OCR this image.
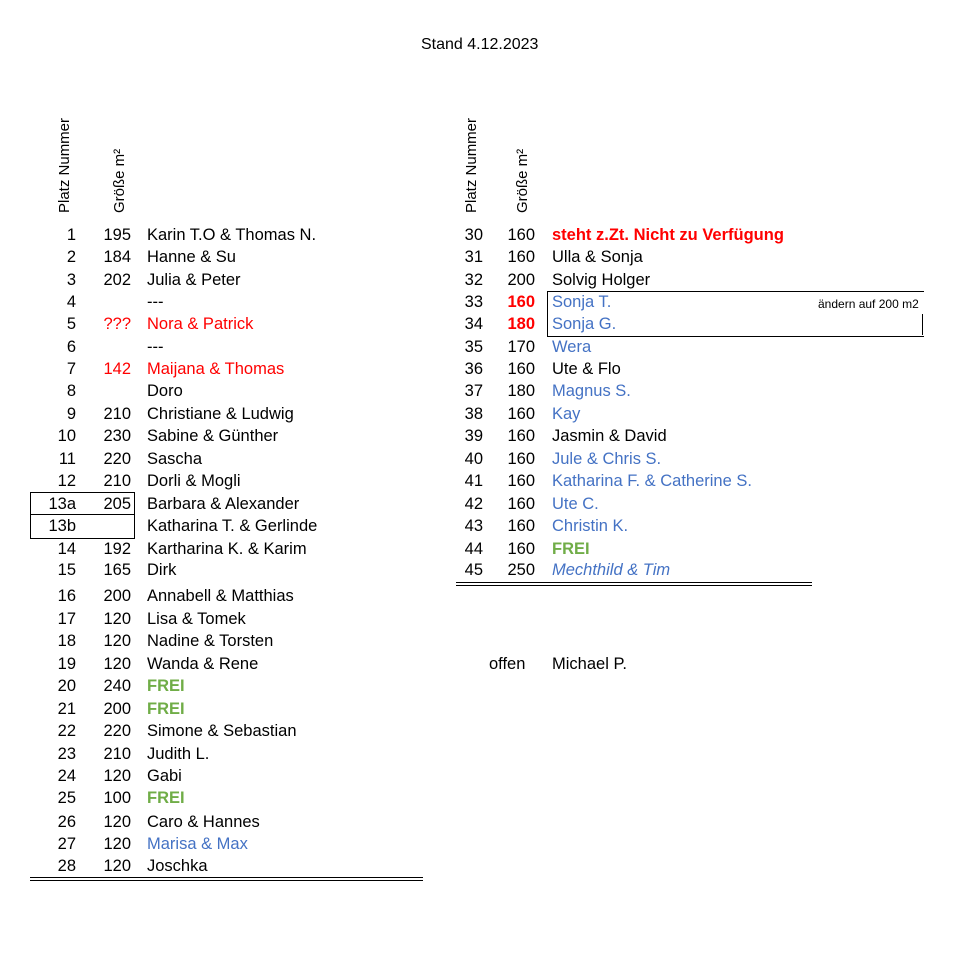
Stand 4.12.2023
Platz Nummer	Größe m²	Platz Nummer Größe m²
1	195 Karin T.O & Thomas N.
2	184 Hanne & Su
3	202 Julia & Peter
4	---
5	??? Nora & Patrick
6	---
7	142 Maijana & Thomas
8	Doro
9	210 Christiane & Ludwig
10	230 Sabine & Günther
11	220 Sascha
12	210 Dorli & Mogli
13a	205 Barbara & Alexander
13b	Katharina T. & Gerlinde
14	192 Kartharina K. & Karim
15	165 Dirk
16	200 Annabell & Matthias
17	120 Lisa & Tomek
18	120 Nadine & Torsten
19	120 Wanda & Rene
20	240 FREI
21	200 FREI
22	220 Simone & Sebastian
23	210 Judith L.
24	120 Gabi
25	100 FREI
26	120 Caro & Hannes
27	120 Marisa & Max
28	120 Joschka
30	160 steht z.Zt. Nicht zu Verfügung
31	160 Ulla & Sonja
32	200 Solvig Holger
33	160 Sonja T.
34	180 Sonja G.
35	170 Wera
36	160 Ute & Flo
37	180 Magnus S.
38	160 Kay
39	160 Jasmin & David
40	160 Jule & Chris S.
41	160 Katharina F. & Catherine S.
42	160 Ute C.
43	160 Christin K.
44	160 FREI
45	250 Mechthild & Tim
ändern auf 200 m2
offen Michael P.
